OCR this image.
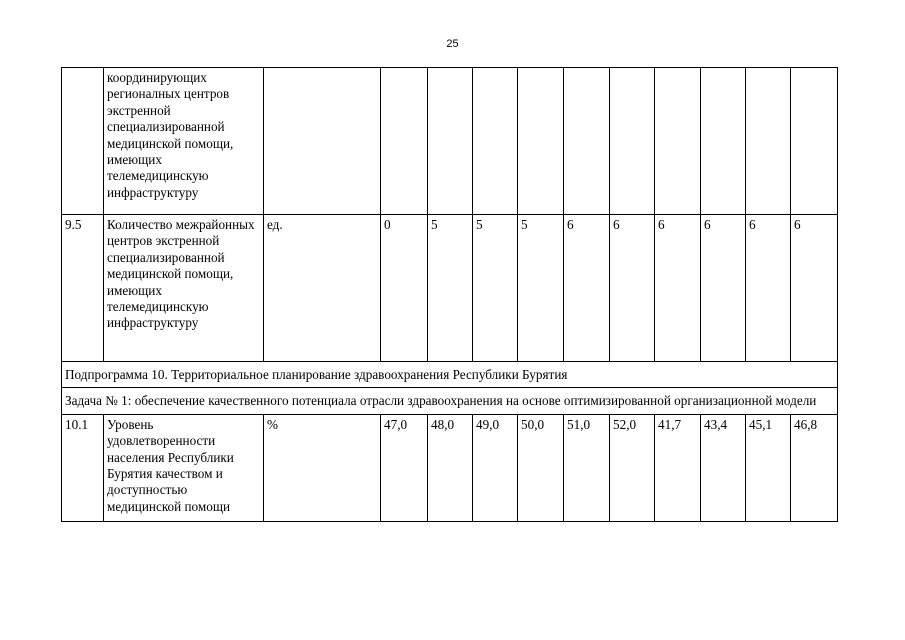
25
	координирующих регионалных центров экстренной специализированной медицинской помощи, имеющих телемедицинскую инфраструктуру											
9.5	Количество межрайонных центров экстренной специализированной медицинской помощи, имеющих телемедицинскую инфраструктуру	ед.	0	5	5	5	6	6	6	6	6	6
Подпрограмма 10. Территориальное планирование здравоохранения Республики Бурятия												
Задача № 1: обеспечение качественного потенциала отрасли здравоохранения на основе оптимизированной организационной модели												
10.1	Уровень удовлетворенности населения Республики Бурятия качеством и доступностью медицинской помощи	%	47,0	48,0	49,0	50,0	51,0	52,0	41,7	43,4	45,1	46,8
